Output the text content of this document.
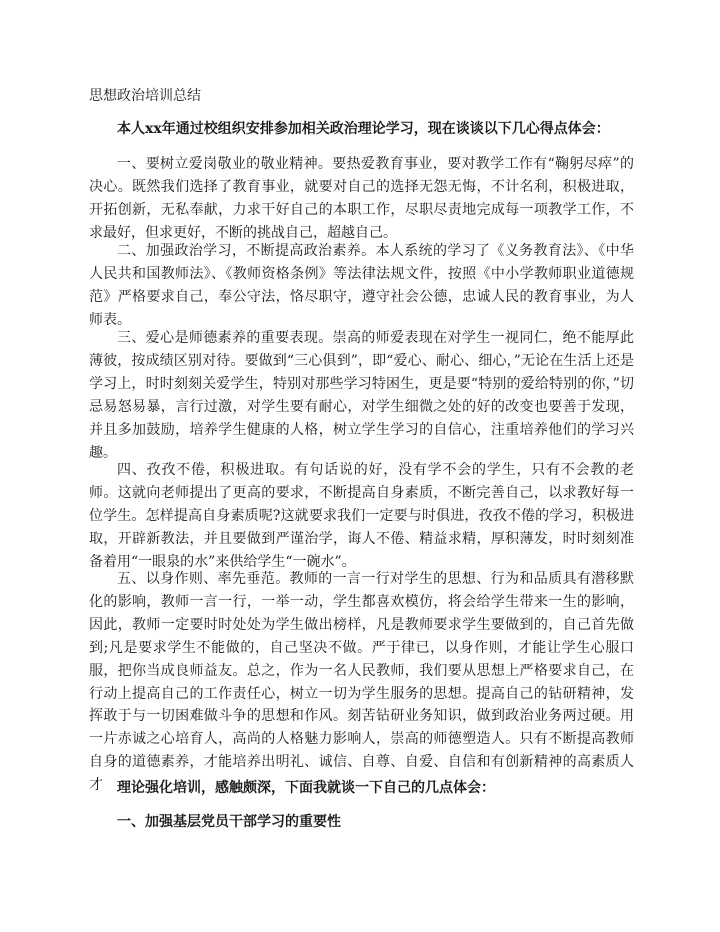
思想政治培训总结

本人xx年通过校组织安排参加相关政治理论学习，现在谈谈以下几心得点体会：

一、要树立爱岗敬业的敬业精神。要热爱教育事业，要对教学工作有“鞠躬尽瘁”的决心。既然我们选择了教育事业，就要对自己的选择无怨无悔，不计名利，积极进取，开拓创新，无私奉献，力求干好自己的本职工作，尽职尽责地完成每一项教学工作，不求最好，但求更好，不断的挑战自己，超越自己。

二、加强政治学习，不断提高政治素养。本人系统的学习了《义务教育法》、《中华人民共和国教师法》、《教师资格条例》等法律法规文件，按照《中小学教师职业道德规范》严格要求自己，奉公守法，恪尽职守，遵守社会公德，忠诚人民的教育事业，为人师表。

三、爱心是师德素养的重要表现。崇高的师爱表现在对学生一视同仁，绝不能厚此薄彼，按成绩区别对待。要做到“三心俱到”，即“爱心、耐心、细心，”无论在生活上还是学习上，时时刻刻关爱学生，特别对那些学习特困生，更是要“特别的爱给特别的你，”切忌易怒易暴，言行过激，对学生要有耐心，对学生细微之处的好的改变也要善于发现，并且多加鼓励，培养学生健康的人格，树立学生学习的自信心，注重培养他们的学习兴趣。

四、孜孜不倦，积极进取。有句话说的好，没有学不会的学生，只有不会教的老师。这就向老师提出了更高的要求，不断提高自身素质，不断完善自己，以求教好每一位学生。怎样提高自身素质呢?这就要求我们一定要与时俱进，孜孜不倦的学习，积极进取，开辟新教法，并且要做到严谨治学，诲人不倦、精益求精，厚积薄发，时时刻刻准备着用“一眼泉的水”来供给学生“一碗水”。

五、以身作则、率先垂范。教师的一言一行对学生的思想、行为和品质具有潜移默化的影响，教师一言一行，一举一动，学生都喜欢模仿，将会给学生带来一生的影响，因此，教师一定要时时处处为学生做出榜样，凡是教师要求学生要做到的，自己首先做到;凡是要求学生不能做的，自己坚决不做。严于律已，以身作则，才能让学生心服口服，把你当成良师益友。总之，作为一名人民教师，我们要从思想上严格要求自己，在行动上提高自己的工作责任心，树立一切为学生服务的思想。提高自己的钻研精神，发挥敢于与一切困难做斗争的思想和作风。刻苦钻研业务知识，做到政治业务两过硬。用一片赤诚之心培育人，高尚的人格魅力影响人，崇高的师德塑造人。只有不断提高教师自身的道德素养，才能培养出明礼、诚信、自尊、自爱、自信和有创新精神的高素质人才	理论强化培训，感触颇深，下面我就谈一下自己的几点体会：

一、加强基层党员干部学习的重要性
